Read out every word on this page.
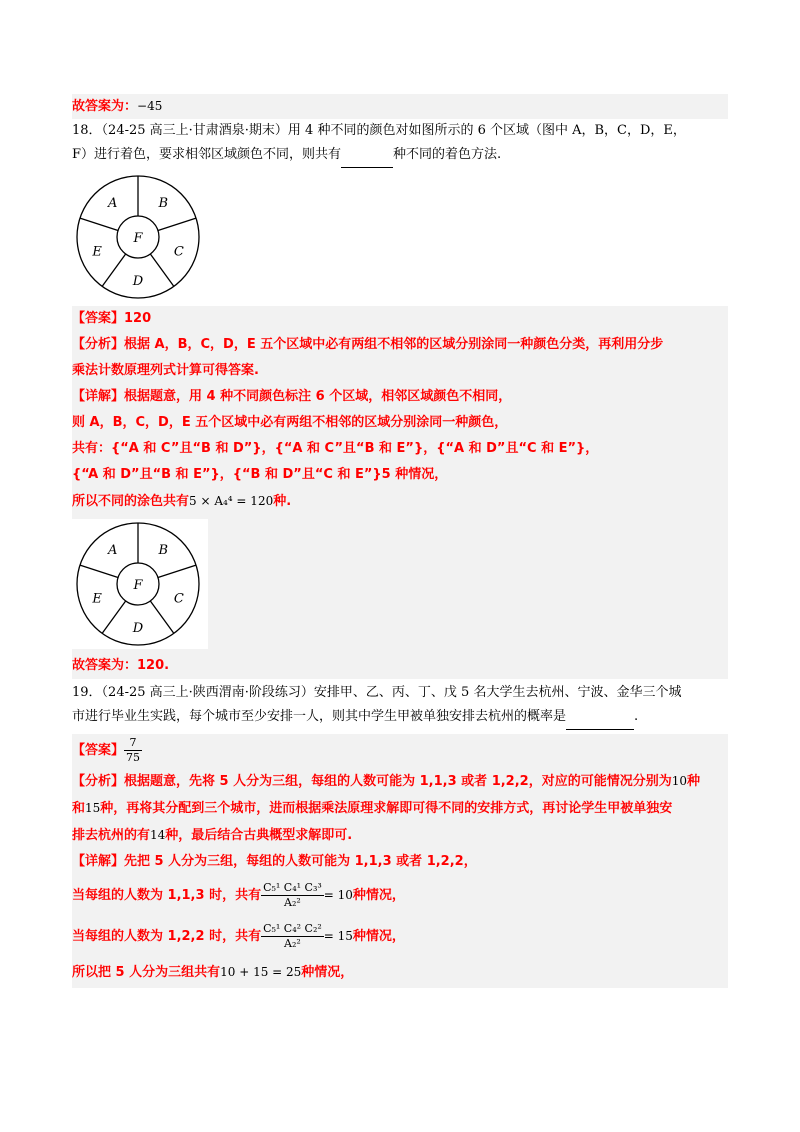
故答案为：−45
18．（24-25 高三上·甘肃酒泉·期末）用 4 种不同的颜色对如图所示的 6 个区域（图中 A，B，C，D，E，
F）进行着色，要求相邻区域颜色不同，则共有	种不同的着色方法.
A	B
C
D
E
F
【答案】120
【分析】根据 A，B，C，D，E 五个区域中必有两组不相邻的区域分别涂同一种颜色分类，再利用分步
乘法计数原理列式计算可得答案.
【详解】根据题意，用 4 种不同颜色标注 6 个区域，相邻区域颜色不相同，
则 A，B，C，D，E 五个区域中必有两组不相邻的区域分别涂同一种颜色，
共有：{“A 和 C”且“B 和 D”}，{“A 和 C”且“B 和 E”}，{“A 和 D”且“C 和 E”}，
{“A 和 D”且“B 和 E”}，{“B 和 D”且“C 和 E”}5 种情况，
所以不同的涂色共有5 × A₄⁴ = 120种.
A	B
C
D
E
F
故答案为：120.
19．（24-25 高三上·陕西渭南·阶段练习）安排甲、乙、丙、丁、戊 5 名大学生去杭州、宁波、金华三个城
市进行毕业生实践，每个城市至少安排一人，则其中学生甲被单独安排去杭州的概率是	.
【答案】 $\frac{7}{75}$
【分析】根据题意，先将 5 人分为三组，每组的人数可能为 1,1,3 或者 1,2,2，对应的可能情况分别为10种
和15种，再将其分配到三个城市，进而根据乘法原理求解即可得不同的安排方式，再讨论学生甲被单独安
排去杭州的有14种，最后结合古典概型求解即可.
【详解】先把 5 人分为三组，每组的人数可能为 1,1,3 或者 1,2,2，
当每组的人数为 1,1,3 时，共有 $\frac{\text{C₅¹ C₄¹ C₃³}}{\text{A₂²}} = 10$种情况，
当每组的人数为 1,2,2 时，共有 $\frac{\text{C₅¹ C₄² C₂²}}{\text{A₂²}} = 15$种情况，
所以把 5 人分为三组共有10 + 15 = 25种情况，
